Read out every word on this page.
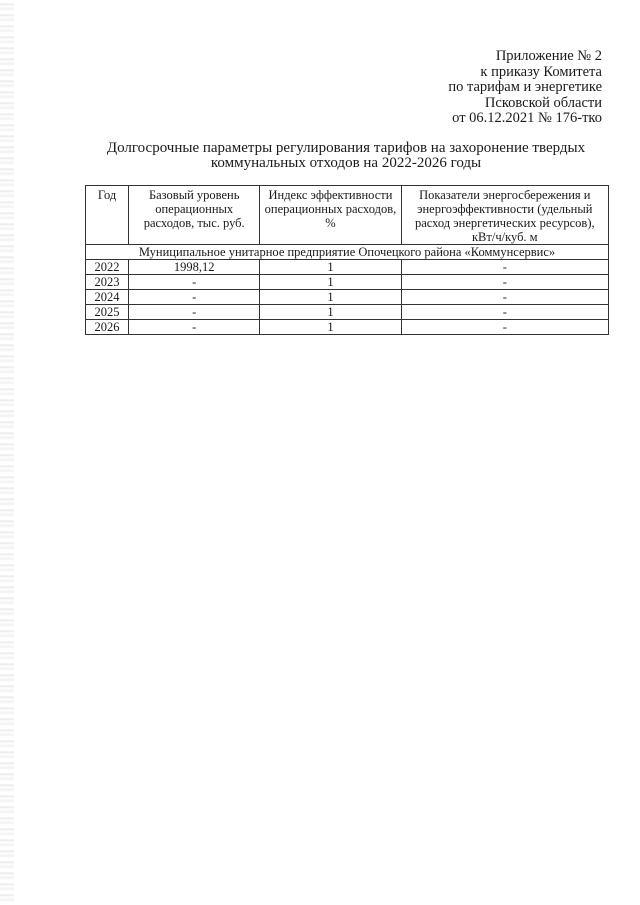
Приложение № 2
к приказу Комитета
по тарифам и энергетике
Псковской области
от 06.12.2021 № 176-тко
Долгосрочные параметры регулирования тарифов на захоронение твердых коммунальных отходов на 2022-2026 годы
Год	Базовый уровень операционных расходов, тыс. руб.	Индекс эффективности операционных расходов, %	Показатели энергосбережения и энергоэффективности (удельный расход энергетических ресурсов), кВт/ч/куб. м
Муниципальное унитарное предприятие Опочецкого района «Коммунсервис»			
2022	1998,12	1	-
2023	-	1	-
2024	-	1	-
2025	-	1	-
2026	-	1	-
